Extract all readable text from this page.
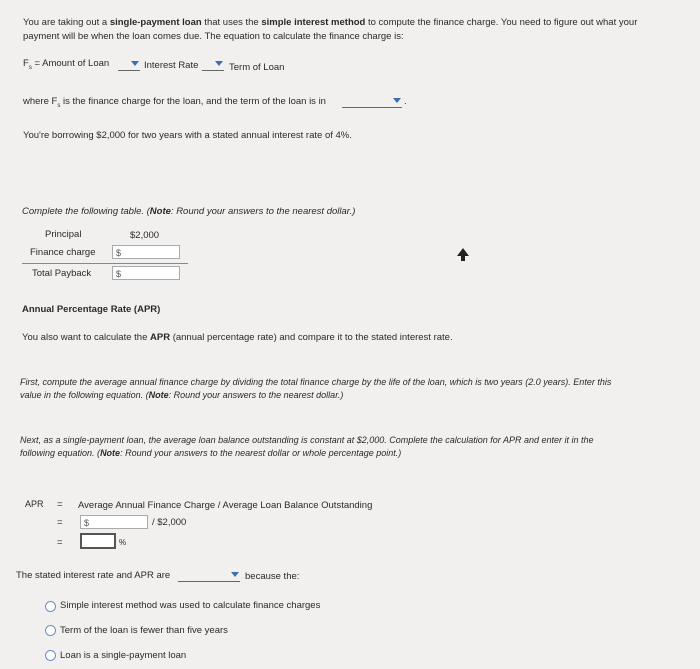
You are taking out a single-payment loan that uses the simple interest method to compute the finance charge. You need to figure out what your
payment will be when the loan comes due. The equation to calculate the finance charge is:
$F_s$ = Amount of Loan	Interest Rate	Term of Loan
where $F_s$ is the finance charge for the loan, and the term of the loan is in	.
You're borrowing $2,000 for two years with a stated annual interest rate of 4%.
Complete the following table. (Note: Round your answers to the nearest dollar.)
Principal	$2,000
Finance charge $
Total Payback	$
Annual Percentage Rate (APR)
You also want to calculate the APR (annual percentage rate) and compare it to the stated interest rate.
First, compute the average annual finance charge by dividing the total finance charge by the life of the loan, which is two years (2.0 years). Enter this
value in the following equation. (Note: Round your answers to the nearest dollar.)
Next, as a single-payment loan, the average loan balance outstanding is constant at $2,000. Complete the calculation for APR and enter it in the
following equation. (Note: Round your answers to the nearest dollar or whole percentage point.)
APR = Average Annual Finance Charge / Average Loan Balance Outstanding
= $	/ $2,000
=	%
The stated interest rate and APR are	because the:
Simple interest method was used to calculate finance charges
Term of the loan is fewer than five years
Loan is a single-payment loan
